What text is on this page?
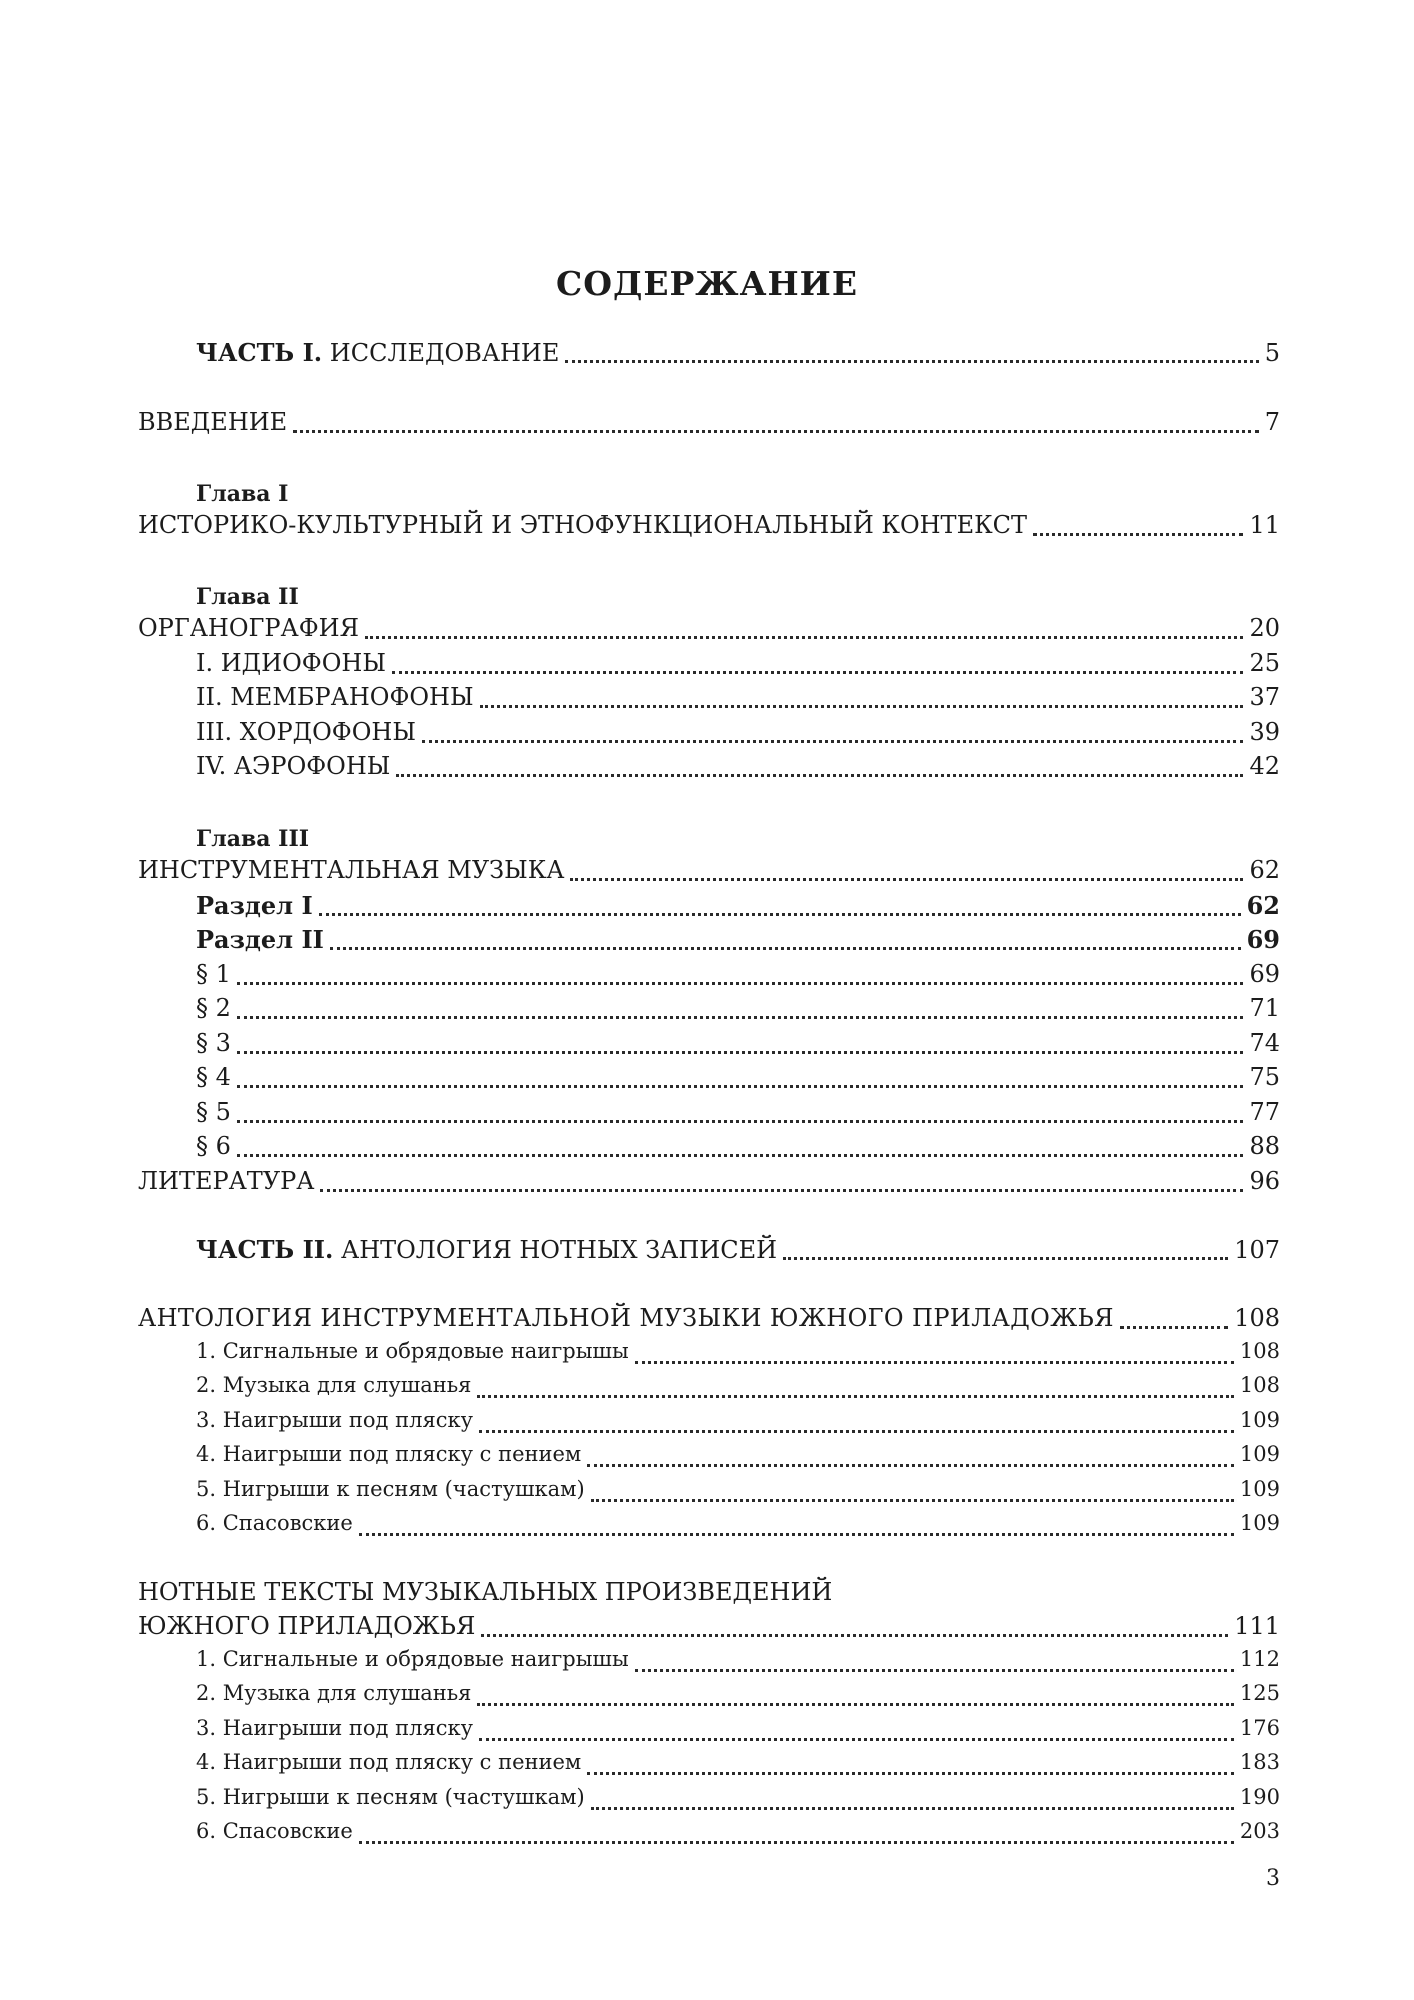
СОДЕРЖАНИЕ
ЧАСТЬ I. ИССЛЕДОВАНИЕ	5
ВВЕДЕНИЕ	7
Глава I
ИСТОРИКО-КУЛЬТУРНЫЙ И ЭТНОФУНКЦИОНАЛЬНЫЙ КОНТЕКСТ	11
Глава II
ОРГАНОГРАФИЯ	20
I. ИДИОФОНЫ	25
II. МЕМБРАНОФОНЫ	37
III. ХОРДОФОНЫ	39
IV. АЭРОФОНЫ	42
Глава III
ИНСТРУМЕНТАЛЬНАЯ МУЗЫКА	62
Раздел I	62
Раздел II	69
§ 1	69
§ 2	71
§ 3	74
§ 4	75
§ 5	77
§ 6	88
ЛИТЕРАТУРА	96
ЧАСТЬ II. АНТОЛОГИЯ НОТНЫХ ЗАПИСЕЙ	107
АНТОЛОГИЯ ИНСТРУМЕНТАЛЬНОЙ МУЗЫКИ ЮЖНОГО ПРИЛАДОЖЬЯ	108
1. Сигнальные и обрядовые наигрышы	108
2. Музыка для слушанья	108
3. Наигрыши под пляску	109
4. Наигрыши под пляску с пением	109
5. Нигрыши к песням (частушкам)	109
6. Спасовские	109
НОТНЫЕ ТЕКСТЫ МУЗЫКАЛЬНЫХ ПРОИЗВЕДЕНИЙ
ЮЖНОГО ПРИЛАДОЖЬЯ	111
1. Сигнальные и обрядовые наигрышы	112
2. Музыка для слушанья	125
3. Наигрыши под пляску	176
4. Наигрыши под пляску с пением	183
5. Нигрыши к песням (частушкам)	190
6. Спасовские	203
3
